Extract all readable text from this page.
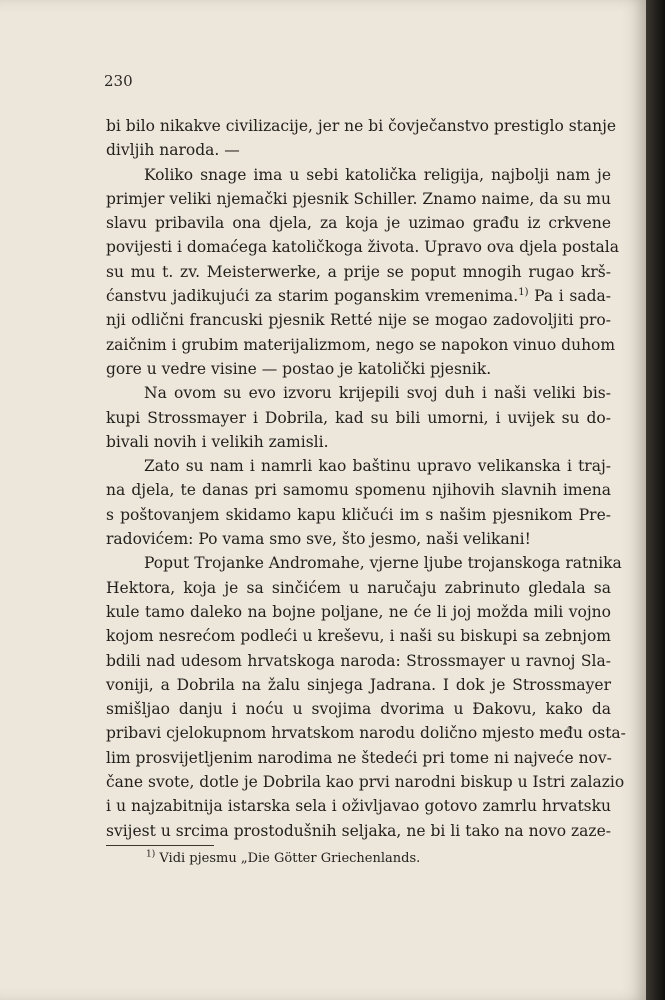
230
bi bilo nikakve civilizacije, jer ne bi čovječanstvo prestiglo stanje
divljih naroda. —
Koliko snage ima u sebi katolička religija, najbolji nam je
primjer veliki njemački pjesnik Schiller. Znamo naime, da su mu
slavu pribavila ona djela, za koja je uzimao građu iz crkvene
povijesti i domaćega katoličkoga života. Upravo ova djela postala
su mu t. zv. Meisterwerke, a prije se poput mnogih rugao krš-
ćanstvu jadikujući za starim poganskim vremenima.$^{1)}$ Pa i sada-
nji odlični francuski pjesnik Retté nije se mogao zadovoljiti pro-
zaičnim i grubim materijalizmom, nego se napokon vinuo duhom
gore u vedre visine — postao je katolički pjesnik.
Na ovom su evo izvoru krijepili svoj duh i naši veliki bis-
kupi Strossmayer i Dobrila, kad su bili umorni, i uvijek su do-
bivali novih i velikih zamisli.
Zato su nam i namrli kao baštinu upravo velikanska i traj-
na djela, te danas pri samomu spomenu njihovih slavnih imena
s poštovanjem skidamo kapu kličući im s našim pjesnikom Pre-
radovićem: Po vama smo sve, što jesmo, naši velikani!
Poput Trojanke Andromahe, vjerne ljube trojanskoga ratnika
Hektora, koja je sa sinčićem u naručaju zabrinuto gledala sa
kule tamo daleko na bojne poljane, ne će li joj možda mili vojno
kojom nesrećom podleći u kreševu, i naši su biskupi sa zebnjom
bdili nad udesom hrvatskoga naroda: Strossmayer u ravnoj Sla-
voniji, a Dobrila na žalu sinjega Jadrana. I dok je Strossmayer
smišljao danju i noću u svojima dvorima u Đakovu, kako da
pribavi cjelokupnom hrvatskom narodu dolično mjesto među osta-
lim prosvijetljenim narodima ne štedeći pri tome ni najveće nov-
čane svote, dotle je Dobrila kao prvi narodni biskup u Istri zalazio
i u najzabitnija istarska sela i oživljavao gotovo zamrlu hrvatsku
svijest u srcima prostodušnih seljaka, ne bi li tako na novo zaze-
$^{1)}$ Vidi pjesmu „Die Götter Griechenlands.
